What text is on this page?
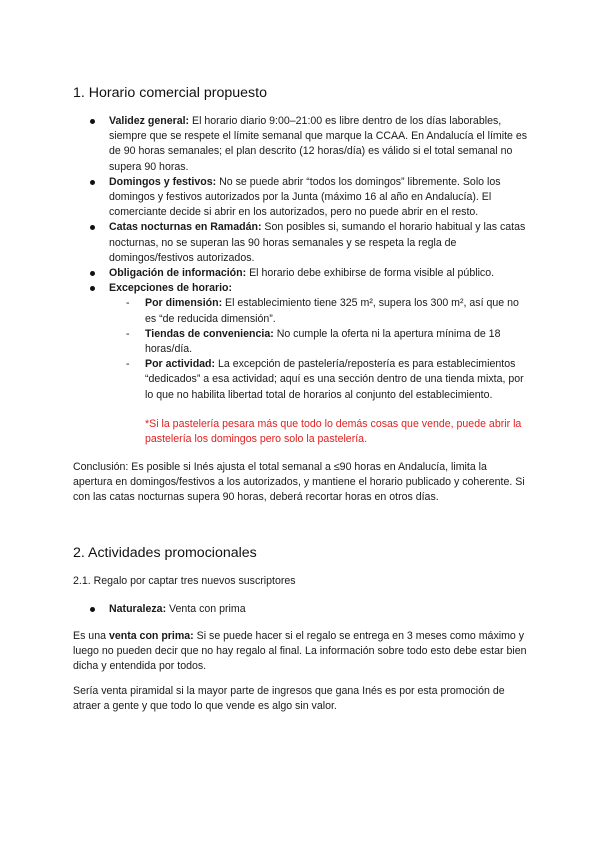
1. Horario comercial propuesto
Validez general: El horario diario 9:00–21:00 es libre dentro de los días laborables, siempre que se respete el límite semanal que marque la CCAA. En Andalucía el límite es de 90 horas semanales; el plan descrito (12 horas/día) es válido si el total semanal no supera 90 horas.
Domingos y festivos: No se puede abrir “todos los domingos” libremente. Solo los domingos y festivos autorizados por la Junta (máximo 16 al año en Andalucía). El comerciante decide si abrir en los autorizados, pero no puede abrir en el resto.
Catas nocturnas en Ramadán: Son posibles si, sumando el horario habitual y las catas nocturnas, no se superan las 90 horas semanales y se respeta la regla de domingos/festivos autorizados.
Obligación de información: El horario debe exhibirse de forma visible al público.
Excepciones de horario:
- Por dimensión: El establecimiento tiene 325 m², supera los 300 m², así que no es “de reducida dimensión”.
- Tiendas de conveniencia: No cumple la oferta ni la apertura mínima de 18 horas/día.
- Por actividad: La excepción de pastelería/repostería es para establecimientos “dedicados” a esa actividad; aquí es una sección dentro de una tienda mixta, por lo que no habilita libertad total de horarios al conjunto del establecimiento.

*Si la pastelería pesara más que todo lo demás cosas que vende, puede abrir la pastelería los domingos pero solo la pastelería.

Conclusión: Es posible si Inés ajusta el total semanal a ≤90 horas en Andalucía, limita la apertura en domingos/festivos a los autorizados, y mantiene el horario publicado y coherente. Si con las catas nocturnas supera 90 horas, deberá recortar horas en otros días.

2. Actividades promocionales

2.1. Regalo por captar tres nuevos suscriptores

Naturaleza: Venta con prima

Es una venta con prima: Si se puede hacer si el regalo se entrega en 3 meses como máximo y luego no pueden decir que no hay regalo al final. La información sobre todo esto debe estar bien dicha y entendida por todos.

Sería venta piramidal si la mayor parte de ingresos que gana Inés es por esta promoción de atraer a gente y que todo lo que vende es algo sin valor.
